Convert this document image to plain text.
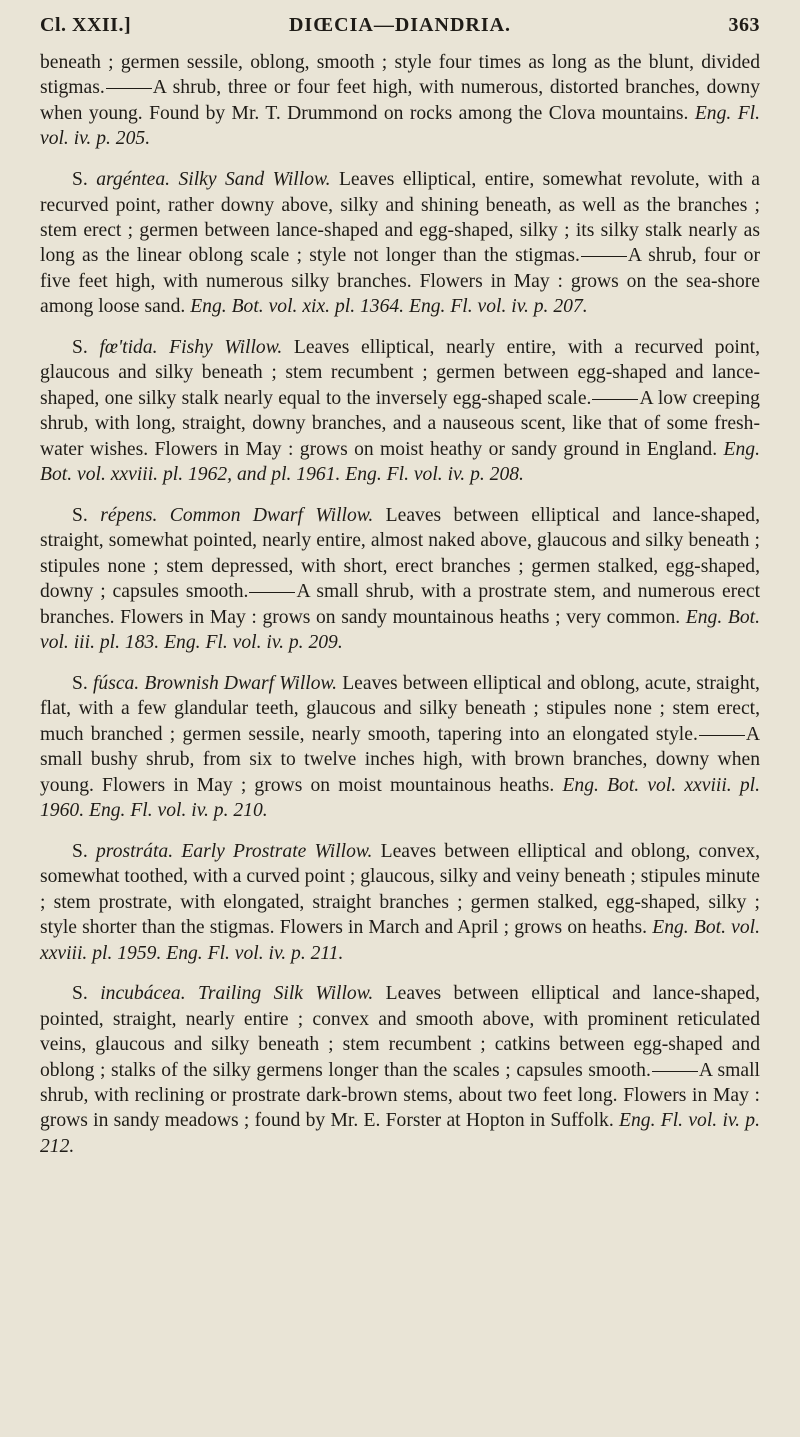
Cl. XXII.]	DIŒCIA—DIANDRIA.	363

beneath ; germen sessile, oblong, smooth ; style four times as long as the blunt, divided stigmas. A shrub, three or four feet high, with numerous, distorted branches, downy when young. Found by Mr. T. Drummond on rocks among the Clova mountains. Eng. Fl. vol. iv. p. 205.

S. argéntea. Silky Sand Willow. Leaves elliptical, entire, somewhat revolute, with a recurved point, rather downy above, silky and shining beneath, as well as the branches ; stem erect ; germen between lance-shaped and egg-shaped, silky ; its silky stalk nearly as long as the linear oblong scale ; style not longer than the stigmas. A shrub, four or five feet high, with numerous silky branches. Flowers in May : grows on the sea-shore among loose sand. Eng. Bot. vol. xix. pl. 1364. Eng. Fl. vol. iv. p. 207.

S. fœ'tida. Fishy Willow. Leaves elliptical, nearly entire, with a recurved point, glaucous and silky beneath ; stem recumbent ; germen between egg-shaped and lance-shaped, one silky stalk nearly equal to the inversely egg-shaped scale. A low creeping shrub, with long, straight, downy branches, and a nauseous scent, like that of some fresh-water wishes. Flowers in May : grows on moist heathy or sandy ground in England. Eng. Bot. vol. xxviii. pl. 1962, and pl. 1961. Eng. Fl. vol. iv. p. 208.

S. répens. Common Dwarf Willow. Leaves between elliptical and lance-shaped, straight, somewhat pointed, nearly entire, almost naked above, glaucous and silky beneath ; stipules none ; stem depressed, with short, erect branches ; germen stalked, egg-shaped, downy ; capsules smooth. A small shrub, with a prostrate stem, and numerous erect branches. Flowers in May : grows on sandy mountainous heaths ; very common. Eng. Bot. vol. iii. pl. 183. Eng. Fl. vol. iv. p. 209.

S. fúsca. Brownish Dwarf Willow. Leaves between elliptical and oblong, acute, straight, flat, with a few glandular teeth, glaucous and silky beneath ; stipules none ; stem erect, much branched ; germen sessile, nearly smooth, tapering into an elongated style. A small bushy shrub, from six to twelve inches high, with brown branches, downy when young. Flowers in May ; grows on moist mountainous heaths. Eng. Bot. vol. xxviii. pl. 1960. Eng. Fl. vol. iv. p. 210.

S. prostráta. Early Prostrate Willow. Leaves between elliptical and oblong, convex, somewhat toothed, with a curved point ; glaucous, silky and veiny beneath ; stipules minute ; stem prostrate, with elongated, straight branches ; germen stalked, egg-shaped, silky ; style shorter than the stigmas. Flowers in March and April ; grows on heaths. Eng. Bot. vol. xxviii. pl. 1959. Eng. Fl. vol. iv. p. 211.

S. incubácea. Trailing Silk Willow. Leaves between elliptical and lance-shaped, pointed, straight, nearly entire ; convex and smooth above, with prominent reticulated veins, glaucous and silky beneath ; stem recumbent ; catkins between egg-shaped and oblong ; stalks of the silky germens longer than the scales ; capsules smooth. A small shrub, with reclining or prostrate dark-brown stems, about two feet long. Flowers in May : grows in sandy meadows ; found by Mr. E. Forster at Hopton in Suffolk. Eng. Fl. vol. iv. p. 212.
